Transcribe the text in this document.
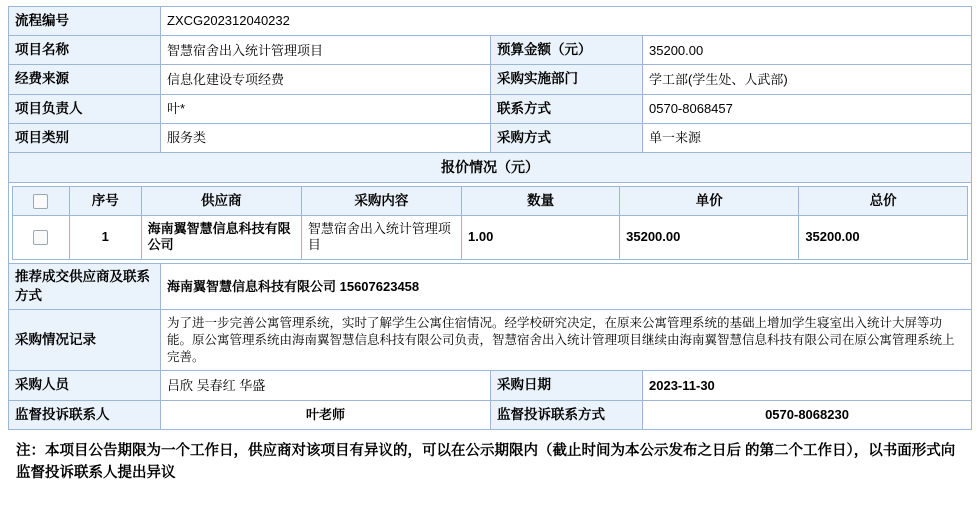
流程编号	ZXCG202312040232
项目名称	智慧宿舍出入统计管理项目	预算金额（元）	35200.00
经费来源	信息化建设专项经费	采购实施部门	学工部(学生处、人武部)
项目负责人	叶*	联系方式	0570-8068457
项目类别	服务类	采购方式	单一来源
报价情况（元）

	序号	供应商	采购内容	数量	单价	总价
	1	海南翼智慧信息科技有限公司	智慧宿舍出入统计管理项目	1.00	35200.00	35200.00

推荐成交供应商及联系方式	海南翼智慧信息科技有限公司 15607623458
采购情况记录	为了进一步完善公寓管理系统，实时了解学生公寓住宿情况。经学校研究决定，在原来公寓管理系统的基础上增加学生寝室出入统计大屏等功能。原公寓管理系统由海南翼智慧信息科技有限公司负责，智慧宿舍出入统计管理项目继续由海南翼智慧信息科技有限公司在原公寓管理系统上完善。
采购人员	吕欣 吴春红 华盛	采购日期	2023-11-30
监督投诉联系人	叶老师	监督投诉联系方式	0570-8068230
注：本项目公告期限为一个工作日，供应商对该项目有异议的，可以在公示期限内（截止时间为本公示发布之日后 的第二个工作日），以书面形式向监督投诉联系人提出异议
